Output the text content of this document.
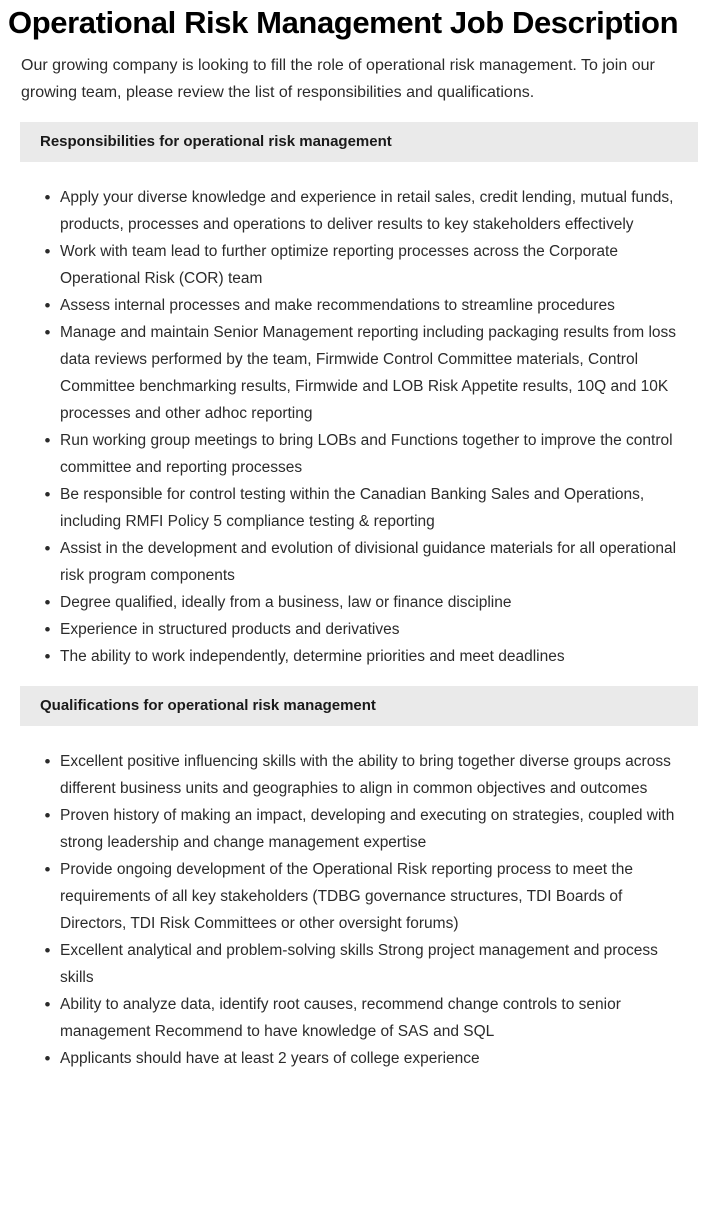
Operational Risk Management Job Description

Our growing company is looking to fill the role of operational risk management. To join our growing team, please review the list of responsibilities and qualifications.

Responsibilities for operational risk management
• Apply your diverse knowledge and experience in retail sales, credit lending, mutual funds, products, processes and operations to deliver results to key stakeholders effectively
• Work with team lead to further optimize reporting processes across the Corporate Operational Risk (COR) team
• Assess internal processes and make recommendations to streamline procedures
• Manage and maintain Senior Management reporting including packaging results from loss data reviews performed by the team, Firmwide Control Committee materials, Control Committee benchmarking results, Firmwide and LOB Risk Appetite results, 10Q and 10K processes and other adhoc reporting
• Run working group meetings to bring LOBs and Functions together to improve the control committee and reporting processes
• Be responsible for control testing within the Canadian Banking Sales and Operations, including RMFI Policy 5 compliance testing & reporting
• Assist in the development and evolution of divisional guidance materials for all operational risk program components
• Degree qualified, ideally from a business, law or finance discipline
• Experience in structured products and derivatives
• The ability to work independently, determine priorities and meet deadlines
Qualifications for operational risk management
• Excellent positive influencing skills with the ability to bring together diverse groups across different business units and geographies to align in common objectives and outcomes
• Proven history of making an impact, developing and executing on strategies, coupled with strong leadership and change management expertise
• Provide ongoing development of the Operational Risk reporting process to meet the requirements of all key stakeholders (TDBG governance structures, TDI Boards of Directors, TDI Risk Committees or other oversight forums)
• Excellent analytical and problem-solving skills Strong project management and process skills
• Ability to analyze data, identify root causes, recommend change controls to senior management Recommend to have knowledge of SAS and SQL
• Applicants should have at least 2 years of college experience
